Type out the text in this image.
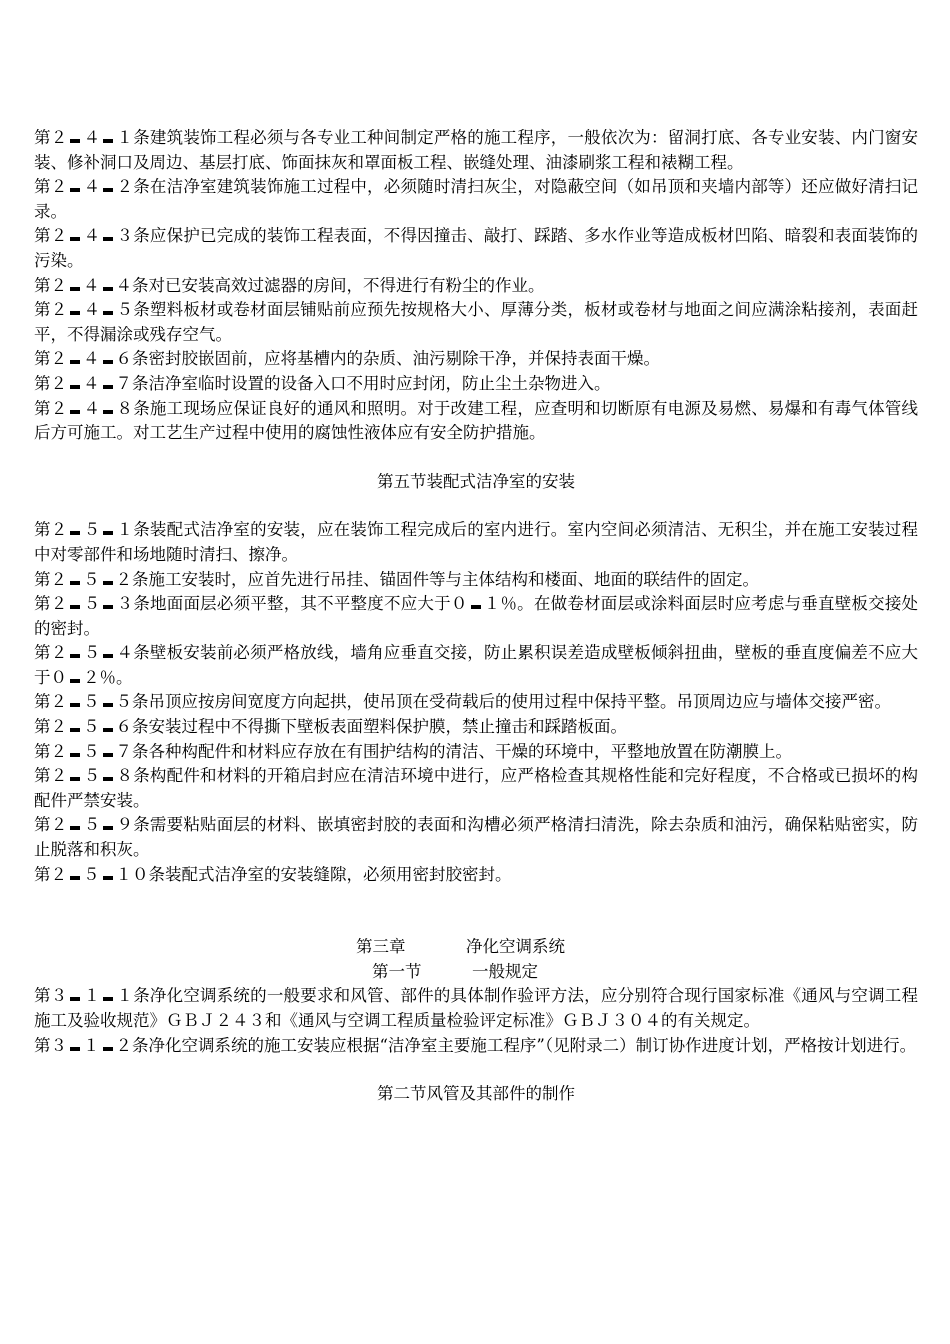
第２ ４ １条建筑装饰工程必须与各专业工种间制定严格的施工程序，一般依次为：留洞打底、各专业安装、内门窗安装、修补洞口及周边、基层打底、饰面抹灰和罩面板工程、嵌缝处理、油漆刷浆工程和裱糊工程。

第２ ４ ２条在洁净室建筑装饰施工过程中，必须随时清扫灰尘，对隐蔽空间（如吊顶和夹墙内部等）还应做好清扫记录。

第２ ４ ３条应保护已完成的装饰工程表面，不得因撞击、敲打、踩踏、多水作业等造成板材凹陷、暗裂和表面装饰的污染。

第２ ４ ４条对已安装高效过滤器的房间，不得进行有粉尘的作业。

第２ ４ ５条塑料板材或卷材面层铺贴前应预先按规格大小、厚薄分类，板材或卷材与地面之间应满涂粘接剂，表面赶平，不得漏涂或残存空气。

第２ ４ ６条密封胶嵌固前，应将基槽内的杂质、油污剔除干净，并保持表面干燥。

第２ ４ ７条洁净室临时设置的设备入口不用时应封闭，防止尘土杂物进入。

第２ ４ ８条施工现场应保证良好的通风和照明。对于改建工程，应查明和切断原有电源及易燃、易爆和有毒气体管线后方可施工。对工艺生产过程中使用的腐蚀性液体应有安全防护措施。

第五节装配式洁净室的安装

第２ ５ １条装配式洁净室的安装，应在装饰工程完成后的室内进行。室内空间必须清洁、无积尘，并在施工安装过程中对零部件和场地随时清扫、擦净。

第２ ５ ２条施工安装时，应首先进行吊挂、锚固件等与主体结构和楼面、地面的联结件的固定。

第２ ５ ３条地面面层必须平整，其不平整度不应大于０ １％。在做卷材面层或涂料面层时应考虑与垂直壁板交接处的密封。

第２ ５ ４条壁板安装前必须严格放线，墙角应垂直交接，防止累积误差造成壁板倾斜扭曲，壁板的垂直度偏差不应大于０ ２％。

第２ ５ ５条吊顶应按房间宽度方向起拱，使吊顶在受荷载后的使用过程中保持平整。吊顶周边应与墙体交接严密。

第２ ５ ６条安装过程中不得撕下壁板表面塑料保护膜，禁止撞击和踩踏板面。

第２ ５ ７条各种构配件和材料应存放在有围护结构的清洁、干燥的环境中，平整地放置在防潮膜上。

第２ ５ ８条构配件和材料的开箱启封应在清洁环境中进行，应严格检查其规格性能和完好程度，不合格或已损坏的构配件严禁安装。

第２ ５ ９条需要粘贴面层的材料、嵌填密封胶的表面和沟槽必须严格清扫清洗，除去杂质和油污，确保粘贴密实，防止脱落和积灰。

第２ ５ １０条装配式洁净室的安装缝隙，必须用密封胶密封。

第三章	净化空调系统

第一节	一般规定

第３ １ １条净化空调系统的一般要求和风管、部件的具体制作验评方法，应分别符合现行国家标准《通风与空调工程施工及验收规范》ＧＢＪ２４３和《通风与空调工程质量检验评定标准》ＧＢＪ３０４的有关规定。

第３ １ ２条净化空调系统的施工安装应根据“洁净室主要施工程序”（见附录二）制订协作进度计划，严格按计划进行。

第二节风管及其部件的制作
